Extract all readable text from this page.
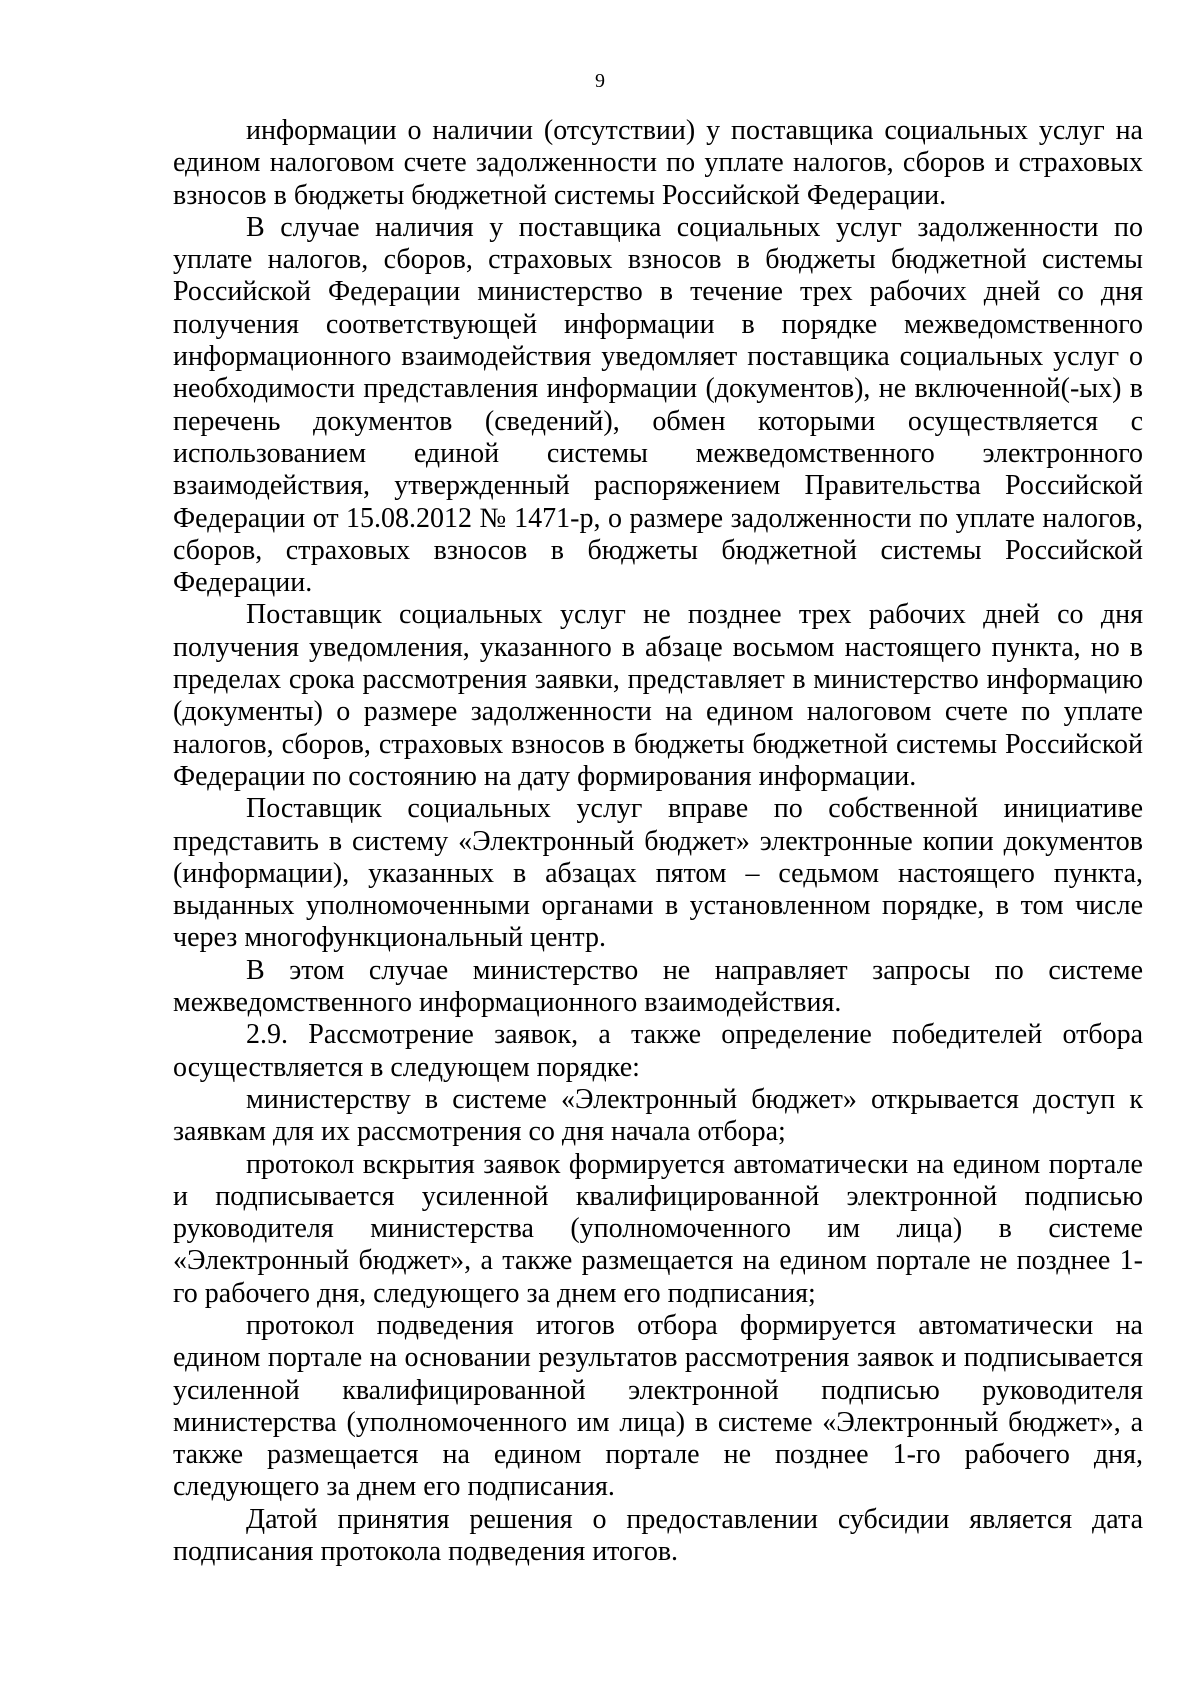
9

информации о наличии (отсутствии) у поставщика социальных услуг на едином налоговом счете задолженности по уплате налогов, сборов и страховых взносов в бюджеты бюджетной системы Российской Федерации.

В случае наличия у поставщика социальных услуг задолженности по уплате налогов, сборов, страховых взносов в бюджеты бюджетной системы Российской Федерации министерство в течение трех рабочих дней со дня получения соответствующей информации в порядке межведомственного информационного взаимодействия уведомляет поставщика социальных услуг о необходимости представления информации (документов), не включенной(-ых) в перечень документов (сведений), обмен которыми осуществляется с использованием единой системы межведомственного электронного взаимодействия, утвержденный распоряжением Правительства Российской Федерации от 15.08.2012 № 1471-р, о размере задолженности по уплате налогов, сборов, страховых взносов в бюджеты бюджетной системы Российской Федерации.

Поставщик социальных услуг не позднее трех рабочих дней со дня получения уведомления, указанного в абзаце восьмом настоящего пункта, но в пределах срока рассмотрения заявки, представляет в министерство информацию (документы) о размере задолженности на едином налоговом счете по уплате налогов, сборов, страховых взносов в бюджеты бюджетной системы Российской Федерации по состоянию на дату формирования информации.

Поставщик социальных услуг вправе по собственной инициативе представить в систему «Электронный бюджет» электронные копии документов (информации), указанных в абзацах пятом – седьмом настоящего пункта, выданных уполномоченными органами в установленном порядке, в том числе через многофункциональный центр.

В этом случае министерство не направляет запросы по системе межведомственного информационного взаимодействия.

2.9. Рассмотрение заявок, а также определение победителей отбора осуществляется в следующем порядке:

министерству в системе «Электронный бюджет» открывается доступ к заявкам для их рассмотрения со дня начала отбора;

протокол вскрытия заявок формируется автоматически на едином портале и подписывается усиленной квалифицированной электронной подписью руководителя министерства (уполномоченного им лица) в системе «Электронный бюджет», а также размещается на едином портале не позднее 1-го рабочего дня, следующего за днем его подписания;

протокол подведения итогов отбора формируется автоматически на едином портале на основании результатов рассмотрения заявок и подписывается усиленной квалифицированной электронной подписью руководителя министерства (уполномоченного им лица) в системе «Электронный бюджет», а также размещается на едином портале не позднее 1-го рабочего дня, следующего за днем его подписания.

Датой принятия решения о предоставлении субсидии является дата подписания протокола подведения итогов.
